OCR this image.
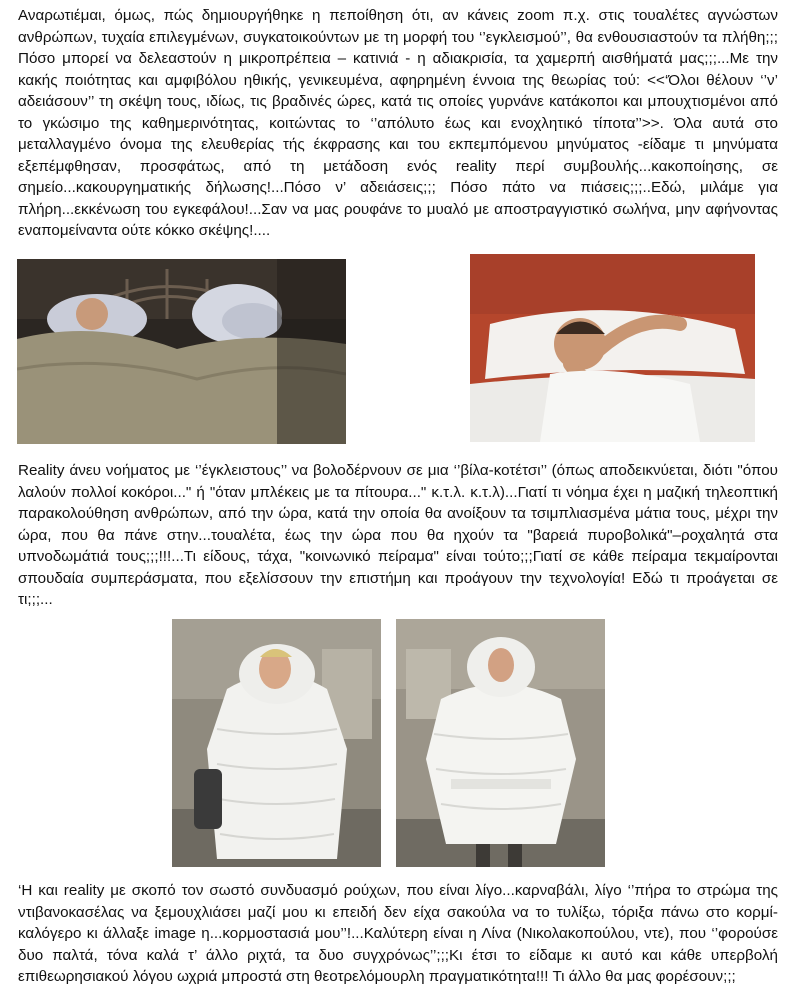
Αναρωτιέμαι, όμως, πώς δημιουργήθηκε η πεποίθηση ότι, αν κάνεις zoom π.χ. στις τουαλέτες αγνώστων ανθρώπων, τυχαία επιλεγμένων, συγκατοικούντων με τη μορφή του ‘’εγκλεισμού’’, θα ενθουσιαστούν τα πλήθη;;; Πόσο μπορεί να δελεαστούν η μικροπρέπεια – κατινιά - η αδιακρισία, τα χαμερπή αισθήματά μας;;;...Με την κακής ποιότητας και αμφιβόλου ηθικής, γενικευμένα, αφηρημένη έννοια της θεωρίας τού: <<‘Όλοι θέλουν ‘’ν’ αδειάσουν’’ τη σκέψη τους, ιδίως, τις βραδινές ώρες, κατά τις οποίες γυρνάνε κατάκοποι και μπουχτισμένοι από το γκώσιμο της καθημερινότητας, κοιτώντας το ‘’απόλυτο έως και ενοχλητικό τίποτα’’>>. Όλα αυτά στο μεταλλαγμένο όνομα της ελευθερίας τής έκφρασης και του εκπεμπόμενου μηνύματος -είδαμε τι μηνύματα εξεπέμφθησαν, προσφάτως, από τη μετάδοση ενός reality περί συμβουλής...κακοποίησης, σε σημείο...κακουργηματικής δήλωσης!...Πόσο ν’ αδειάσεις;;; Πόσο πάτο να πιάσεις;;;..Εδώ, μιλάμε για πλήρη...εκκένωση του εγκεφάλου!...Σαν να μας ρουφάνε το μυαλό με αποστραγγιστικό σωλήνα, μην αφήνοντας εναπομείναντα ούτε κόκκο σκέψης!....

Reality άνευ νοήματος με ‘’έγκλειστους’’ να βολοδέρνουν σε μια ‘’βίλα-κοτέτσι’’ (όπως αποδεικνύεται, διότι "όπου λαλούν πολλοί κοκόροι..." ή "όταν μπλέκεις με τα πίτουρα..." κ.τ.λ. κ.τ.λ)...Γιατί τι νόημα έχει η μαζική τηλεοπτική παρακολούθηση ανθρώπων, από την ώρα, κατά την οποία θα ανοίξουν τα τσιμπλιασμένα μάτια τους, μέχρι την ώρα, που θα πάνε στην...τουαλέτα, έως την ώρα που θα ηχούν τα "βαρειά πυροβολικά"–ροχαλητά στα υπνοδωμάτιά τους;;;!!!...Τι είδους, τάχα, "κοινωνικό πείραμα" είναι τούτο;;;Γιατί σε κάθε πείραμα τεκμαίρονται σπουδαία συμπεράσματα, που εξελίσσουν την επιστήμη και προάγουν την τεχνολογία! Εδώ τι προάγεται σε τι;;;...

‘Η και reality με σκοπό τον σωστό συνδυασμό ρούχων, που είναι λίγο...καρναβάλι, λίγο ‘’πήρα το στρώμα της ντιβανοκασέλας να ξεμουχλιάσει μαζί μου κι επειδή δεν είχα σακούλα να το τυλίξω, τόριξα πάνω στο κορμί-καλόγερο κι άλλαξε image η...κορμοστασιά μου’’!...Καλύτερη είναι η Λίνα (Νικολακοπούλου, ντε), που ‘’φορούσε δυο παλτά, τόνα καλά τ’ άλλο ριχτά, τα δυο συγχρόνως’’;;;Κι έτσι το είδαμε κι αυτό και κάθε υπερβολή επιθεωρησιακού λόγου ωχριά μπροστά στη θεοτρελόμουρλη πραγματικότητα!!! Τι άλλο θα μας φορέσουν;;;
